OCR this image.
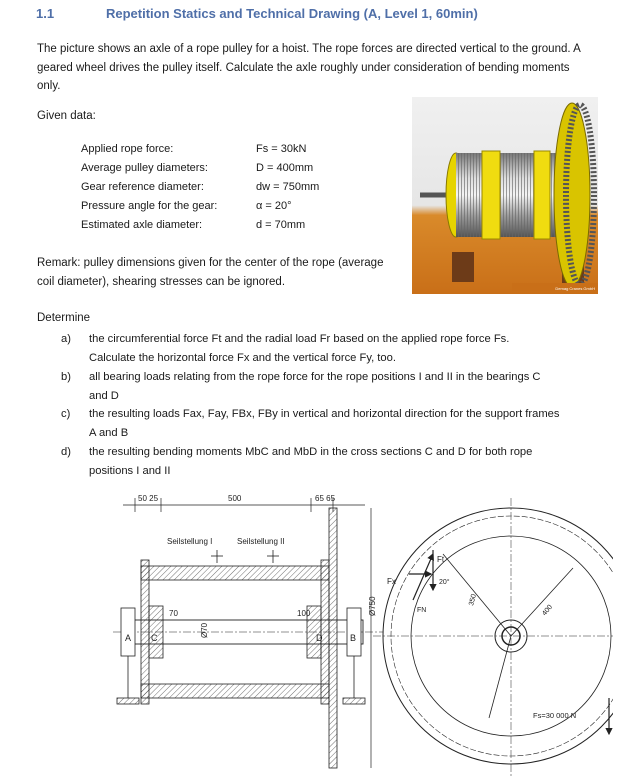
1.1	Repetition Statics and Technical Drawing (A, Level 1, 60min)
The picture shows an axle of a rope pulley for a hoist. The rope forces are directed vertical to the ground. A geared wheel drives the pulley itself. Calculate the axle roughly under consideration of bending moments only.
Given data:
Applied rope force:	Fs = 30kN
Average pulley diameters:	D = 400mm
Gear reference diameter:	dw = 750mm
Pressure angle for the gear:	α = 20°
Estimated axle diameter:	d = 70mm
Remark: pulley dimensions given for the center of the rope (average coil diameter), shearing stresses can be ignored.
Determine
a) the circumferential force Ft and the radial load Fr based on the applied rope force Fs.
Calculate the horizontal force Fx and the vertical force Fy, too.
b) all bearing loads relating from the rope force for the rope positions I and II in the bearings C
and D
c) the resulting loads Fax, Fay, FBx, FBy in vertical and horizontal direction for the support frames
A and B
d) the resulting bending moments MbC and MbD in the cross sections C and D for both rope
positions I and II
Demag Cranes GmbH
50 25	500	65 65
Seilstellung I	Seilstellung II
A C	D	B
70
Ø70
100	Ø750
Fx
Ft
FN
20°
350
400
Fs=30 000 N
